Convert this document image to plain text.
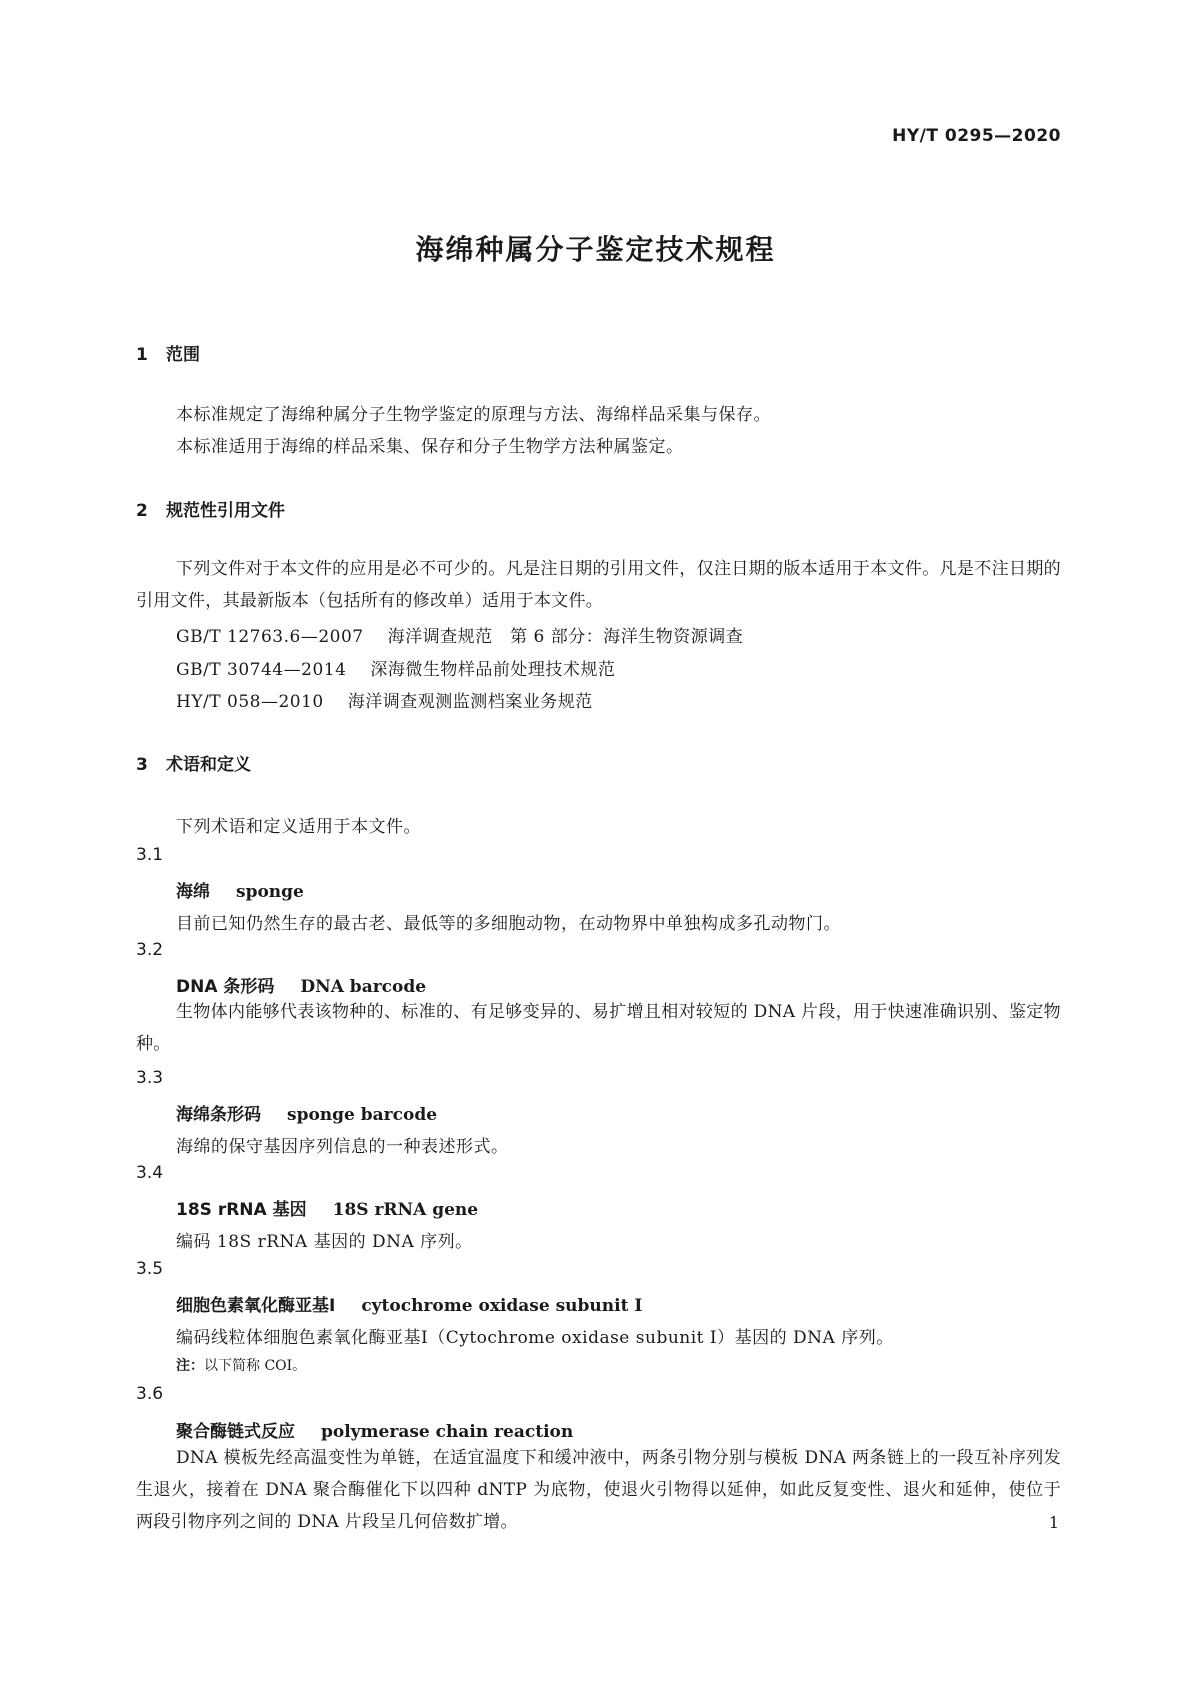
HY/T 0295—2020
海绵种属分子鉴定技术规程
1 范围
本标准规定了海绵种属分子生物学鉴定的原理与方法、海绵样品采集与保存。
本标准适用于海绵的样品采集、保存和分子生物学方法种属鉴定。
2 规范性引用文件
下列文件对于本文件的应用是必不可少的。凡是注日期的引用文件，仅注日期的版本适用于本文件。凡是不注日期的引用文件，其最新版本（包括所有的修改单）适用于本文件。
GB/T 12763.6—2007 海洋调查规范　第 6 部分：海洋生物资源调查
GB/T 30744—2014 深海微生物样品前处理技术规范
HY/T 058—2010 海洋调查观测监测档案业务规范
3 术语和定义
下列术语和定义适用于本文件。
3.1
海绵 sponge
目前已知仍然生存的最古老、最低等的多细胞动物，在动物界中单独构成多孔动物门。
3.2
DNA 条形码 DNA barcode
生物体内能够代表该物种的、标准的、有足够变异的、易扩增且相对较短的 DNA 片段，用于快速准确识别、鉴定物种。
3.3
海绵条形码 sponge barcode
海绵的保守基因序列信息的一种表述形式。
3.4
18S rRNA 基因 18S rRNA gene
编码 18S rRNA 基因的 DNA 序列。
3.5
细胞色素氧化酶亚基Ⅰ cytochrome oxidase subunit Ⅰ
编码线粒体细胞色素氧化酶亚基Ⅰ（Cytochrome oxidase subunit Ⅰ）基因的 DNA 序列。
注：以下简称 COI。
3.6
聚合酶链式反应 polymerase chain reaction
DNA 模板先经高温变性为单链，在适宜温度下和缓冲液中，两条引物分别与模板 DNA 两条链上的一段互补序列发生退火，接着在 DNA 聚合酶催化下以四种 dNTP 为底物，使退火引物得以延伸，如此反复变性、退火和延伸，使位于两段引物序列之间的 DNA 片段呈几何倍数扩增。	1
